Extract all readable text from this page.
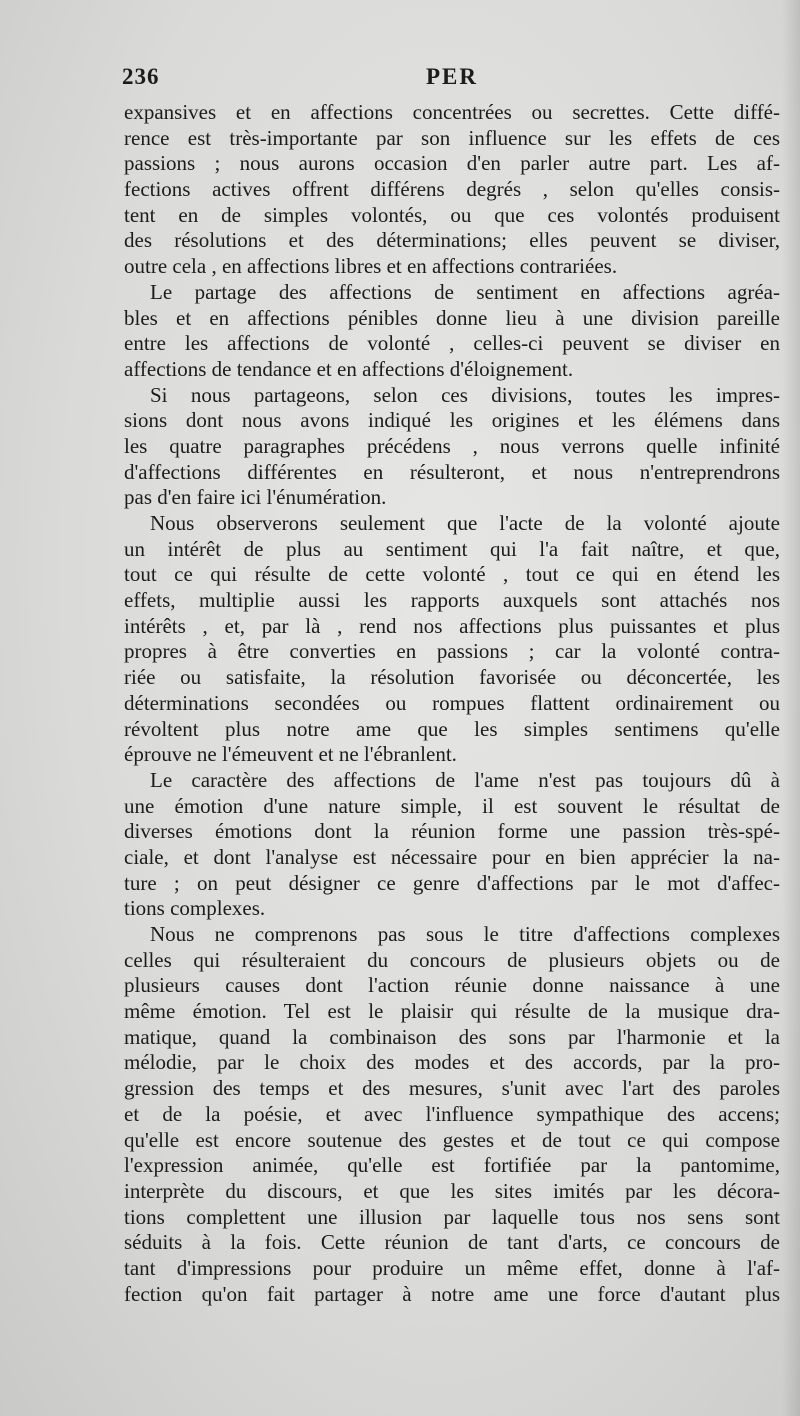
236	PER
expansives et en affections concentrées ou secrettes. Cette diffé-
rence est très-importante par son influence sur les effets de ces
passions ; nous aurons occasion d'en parler autre part. Les af-
fections actives offrent différens degrés , selon qu'elles consis-
tent en de simples volontés, ou que ces volontés produisent
des résolutions et des déterminations; elles peuvent se diviser,
outre cela , en affections libres et en affections contrariées.
Le partage des affections de sentiment en affections agréa-
bles et en affections pénibles donne lieu à une division pareille
entre les affections de volonté , celles-ci peuvent se diviser en
affections de tendance et en affections d'éloignement.
Si nous partageons, selon ces divisions, toutes les impres-
sions dont nous avons indiqué les origines et les élémens dans
les quatre paragraphes précédens , nous verrons quelle infinité
d'affections différentes en résulteront, et nous n'entreprendrons
pas d'en faire ici l'énumération.
Nous observerons seulement que l'acte de la volonté ajoute
un intérêt de plus au sentiment qui l'a fait naître, et que,
tout ce qui résulte de cette volonté , tout ce qui en étend les
effets, multiplie aussi les rapports auxquels sont attachés nos
intérêts , et, par là , rend nos affections plus puissantes et plus
propres à être converties en passions ; car la volonté contra-
riée ou satisfaite, la résolution favorisée ou déconcertée, les
déterminations secondées ou rompues flattent ordinairement ou
révoltent plus notre ame que les simples sentimens qu'elle
éprouve ne l'émeuvent et ne l'ébranlent.
Le caractère des affections de l'ame n'est pas toujours dû à
une émotion d'une nature simple, il est souvent le résultat de
diverses émotions dont la réunion forme une passion très-spé-
ciale, et dont l'analyse est nécessaire pour en bien apprécier la na-
ture ; on peut désigner ce genre d'affections par le mot d'affec-
tions complexes.
Nous ne comprenons pas sous le titre d'affections complexes
celles qui résulteraient du concours de plusieurs objets ou de
plusieurs causes dont l'action réunie donne naissance à une
même émotion. Tel est le plaisir qui résulte de la musique dra-
matique, quand la combinaison des sons par l'harmonie et la
mélodie, par le choix des modes et des accords, par la pro-
gression des temps et des mesures, s'unit avec l'art des paroles
et de la poésie, et avec l'influence sympathique des accens;
qu'elle est encore soutenue des gestes et de tout ce qui compose
l'expression animée, qu'elle est fortifiée par la pantomime,
interprète du discours, et que les sites imités par les décora-
tions complettent une illusion par laquelle tous nos sens sont
séduits à la fois. Cette réunion de tant d'arts, ce concours de
tant d'impressions pour produire un même effet, donne à l'af-
fection qu'on fait partager à notre ame une force d'autant plus
